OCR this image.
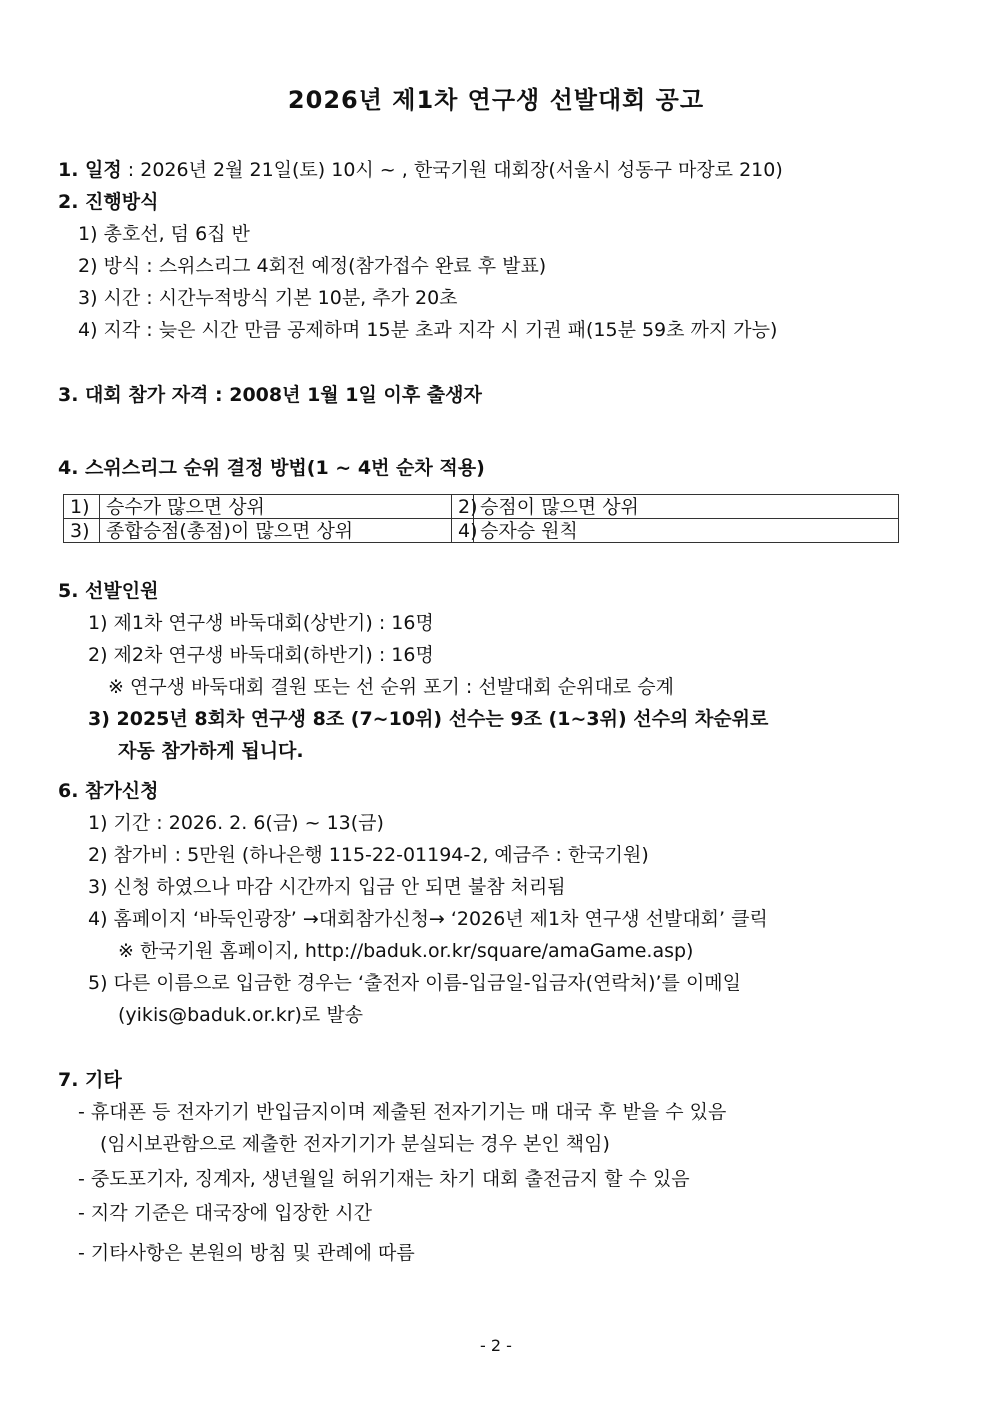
2026년 제1차 연구생 선발대회 공고
1. 일정 : 2026년 2월 21일(토) 10시 ~ , 한국기원 대회장(서울시 성동구 마장로 210)
2. 진행방식
1) 총호선, 덤 6집 반
2) 방식 : 스위스리그 4회전 예정(참가접수 완료 후 발표)
3) 시간 : 시간누적방식 기본 10분, 추가 20초
4) 지각 : 늦은 시간 만큼 공제하며 15분 초과 지각 시 기권 패(15분 59초 까지 가능)
3. 대회 참가 자격 : 2008년 1월 1일 이후 출생자
4. 스위스리그 순위 결정 방법(1 ~ 4번 순차 적용)
1)	승수가 많으면 상위	2)	승점이 많으면 상위
3)	종합승점(총점)이 많으면 상위	4)	승자승 원칙
5. 선발인원
1) 제1차 연구생 바둑대회(상반기) : 16명
2) 제2차 연구생 바둑대회(하반기) : 16명
※ 연구생 바둑대회 결원 또는 선 순위 포기 : 선발대회 순위대로 승계
3) 2025년 8회차 연구생 8조 (7~10위) 선수는 9조 (1~3위) 선수의 차순위로
자동 참가하게 됩니다.
6. 참가신청
1) 기간 : 2026. 2. 6(금) ~ 13(금)
2) 참가비 : 5만원 (하나은행 115-22-01194-2, 예금주 : 한국기원)
3) 신청 하였으나 마감 시간까지 입금 안 되면 불참 처리됨
4) 홈페이지 ‘바둑인광장’ →대회참가신청→ ‘2026년 제1차 연구생 선발대회’ 클릭
※ 한국기원 홈페이지, http://baduk.or.kr/square/amaGame.asp)
5) 다른 이름으로 입금한 경우는 ‘출전자 이름-입금일-입금자(연락처)’를 이메일
(yikis@baduk.or.kr)로 발송
7. 기타
- 휴대폰 등 전자기기 반입금지이며 제출된 전자기기는 매 대국 후 받을 수 있음
(임시보관함으로 제출한 전자기기가 분실되는 경우 본인 책임)
- 중도포기자, 징계자, 생년월일 허위기재는 차기 대회 출전금지 할 수 있음
- 지각 기준은 대국장에 입장한 시간
- 기타사항은 본원의 방침 및 관례에 따름
- 2 -
